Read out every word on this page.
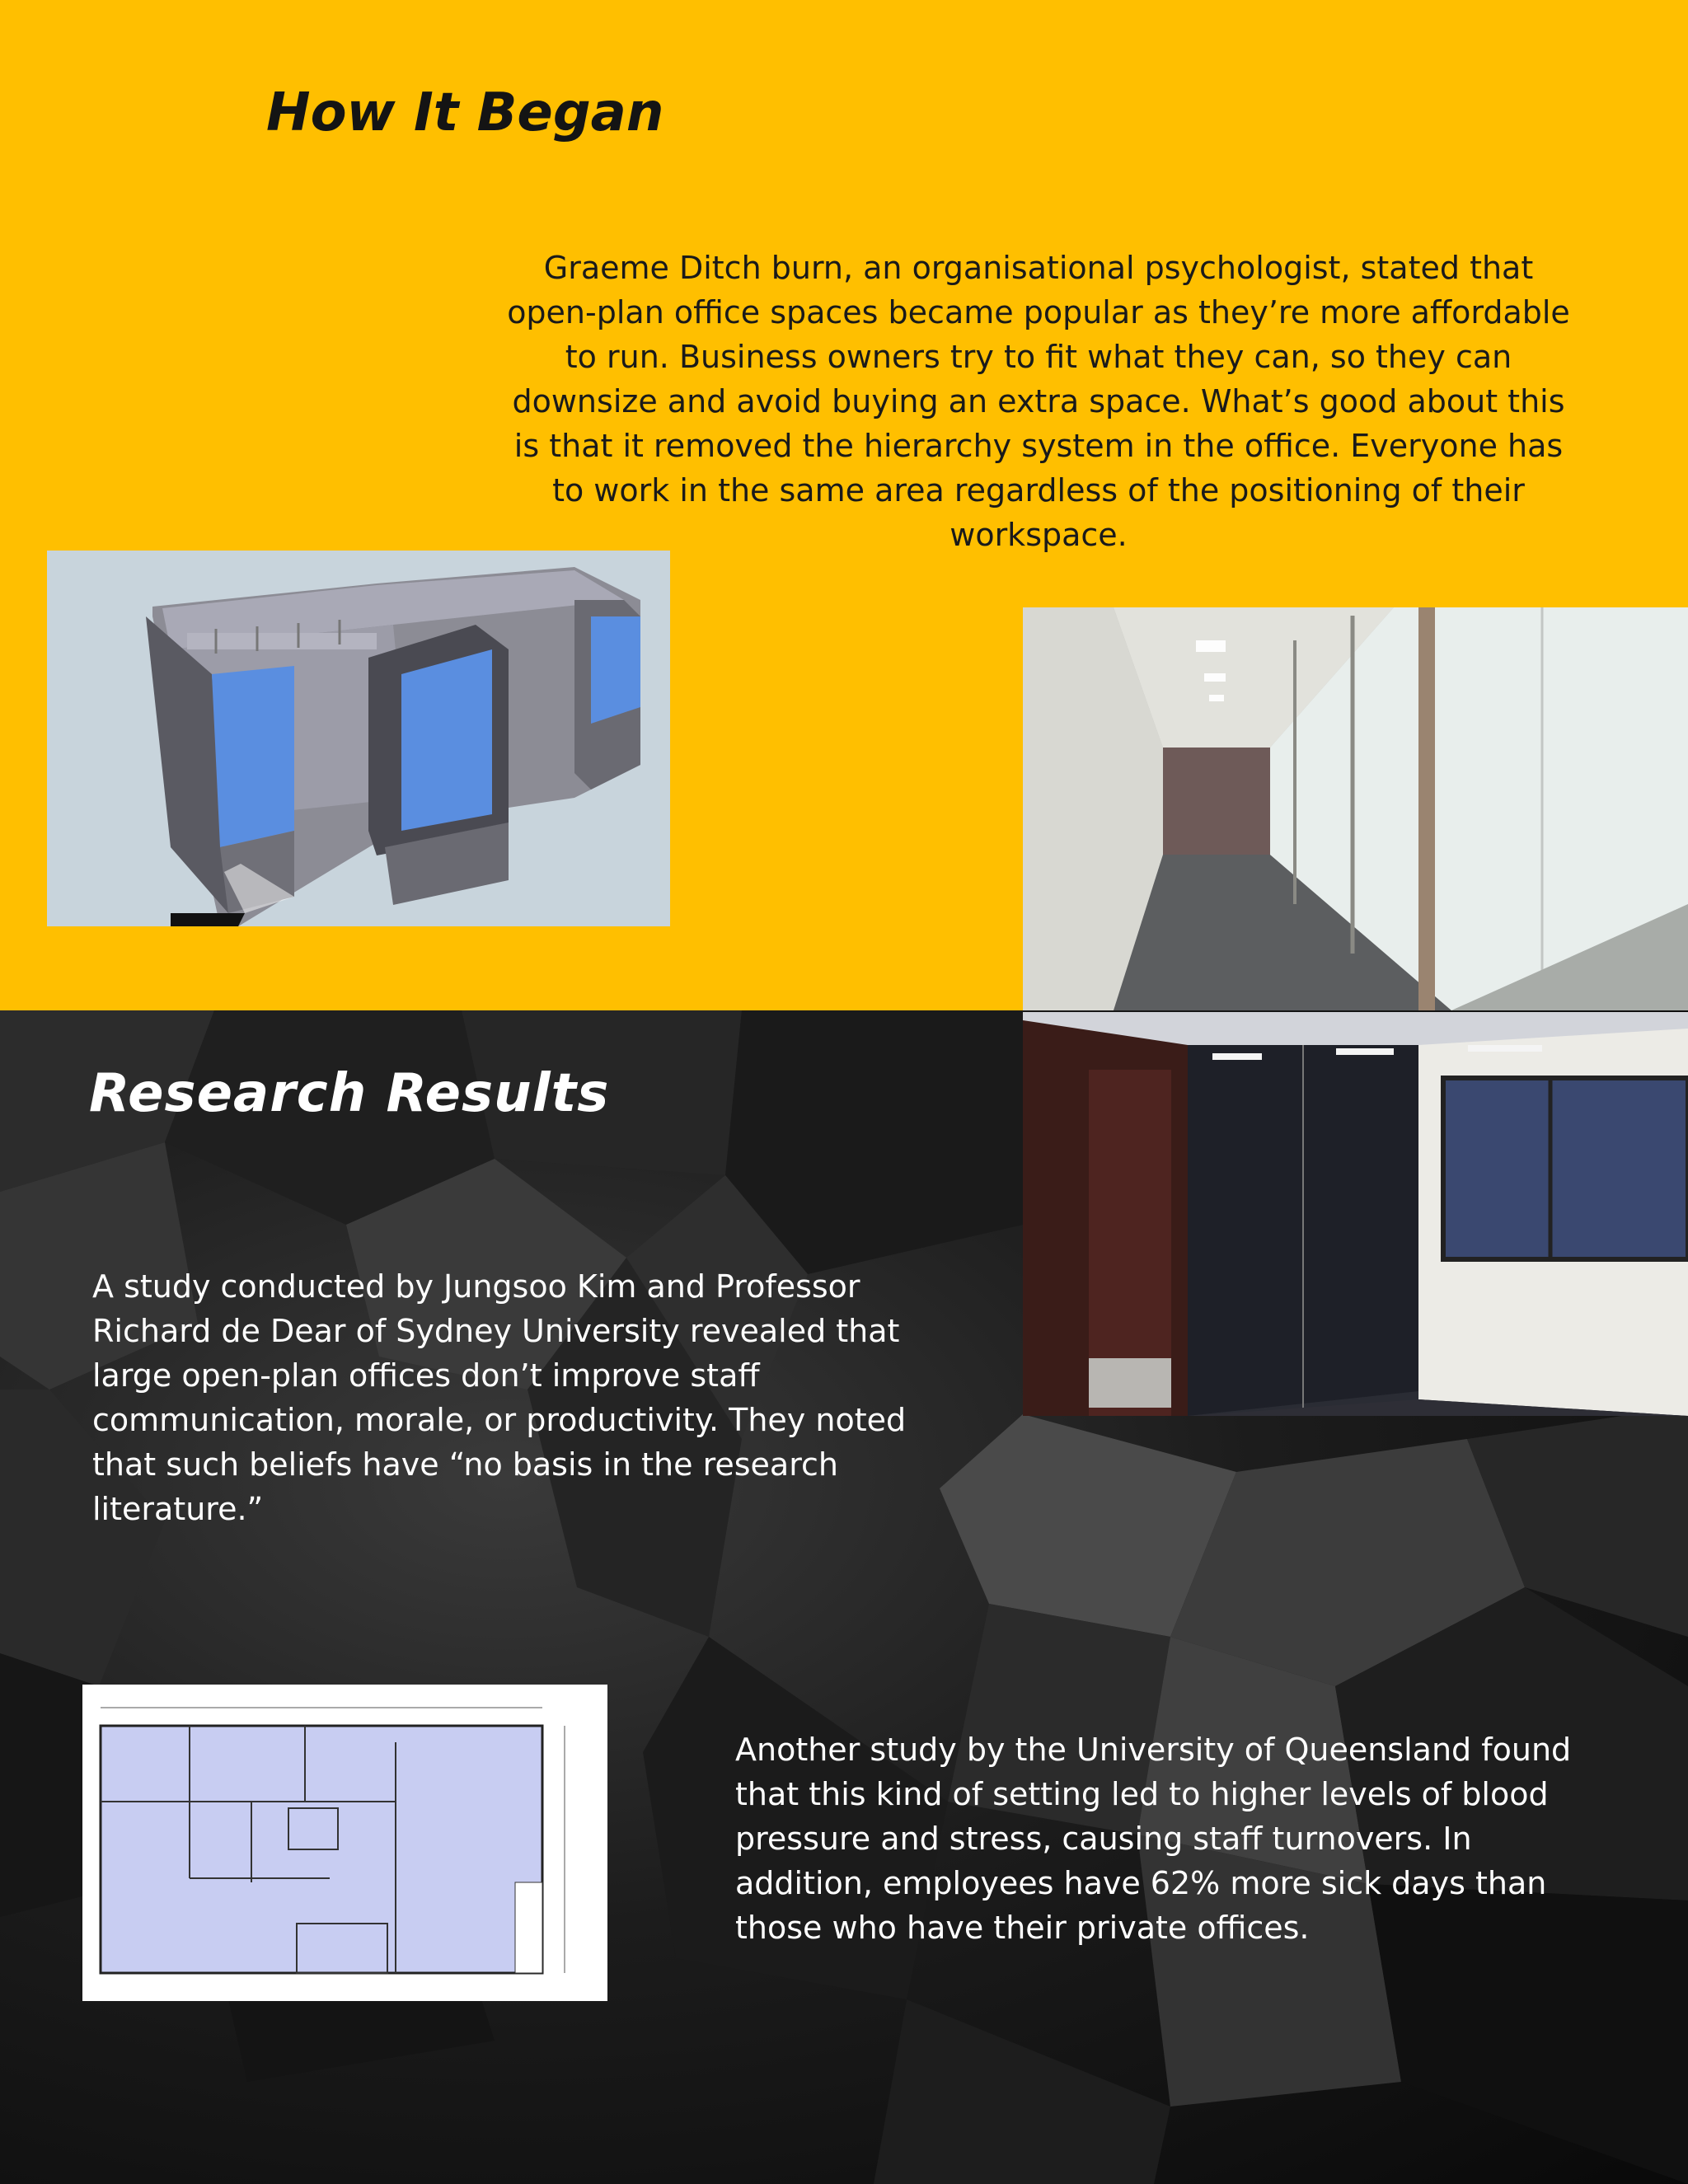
How It Began

Graeme Ditch burn, an organisational psychologist, stated that open-plan office spaces became popular as they’re more affordable to run. Business owners try to fit what they can, so they can downsize and avoid buying an extra space. What’s good about this is that it removed the hierarchy system in the office. Everyone has to work in the same area regardless of the positioning of their workspace.

Research Results

A study conducted by Jungsoo Kim and Professor Richard de Dear of Sydney University revealed that large open-plan offices don’t improve staff communication, morale, or productivity. They noted that such beliefs have “no basis in the research literature.”

Another study by the University of Queensland found that this kind of setting led to higher levels of blood pressure and stress, causing staff turnovers. In addition, employees have 62% more sick days than those who have their private offices.
